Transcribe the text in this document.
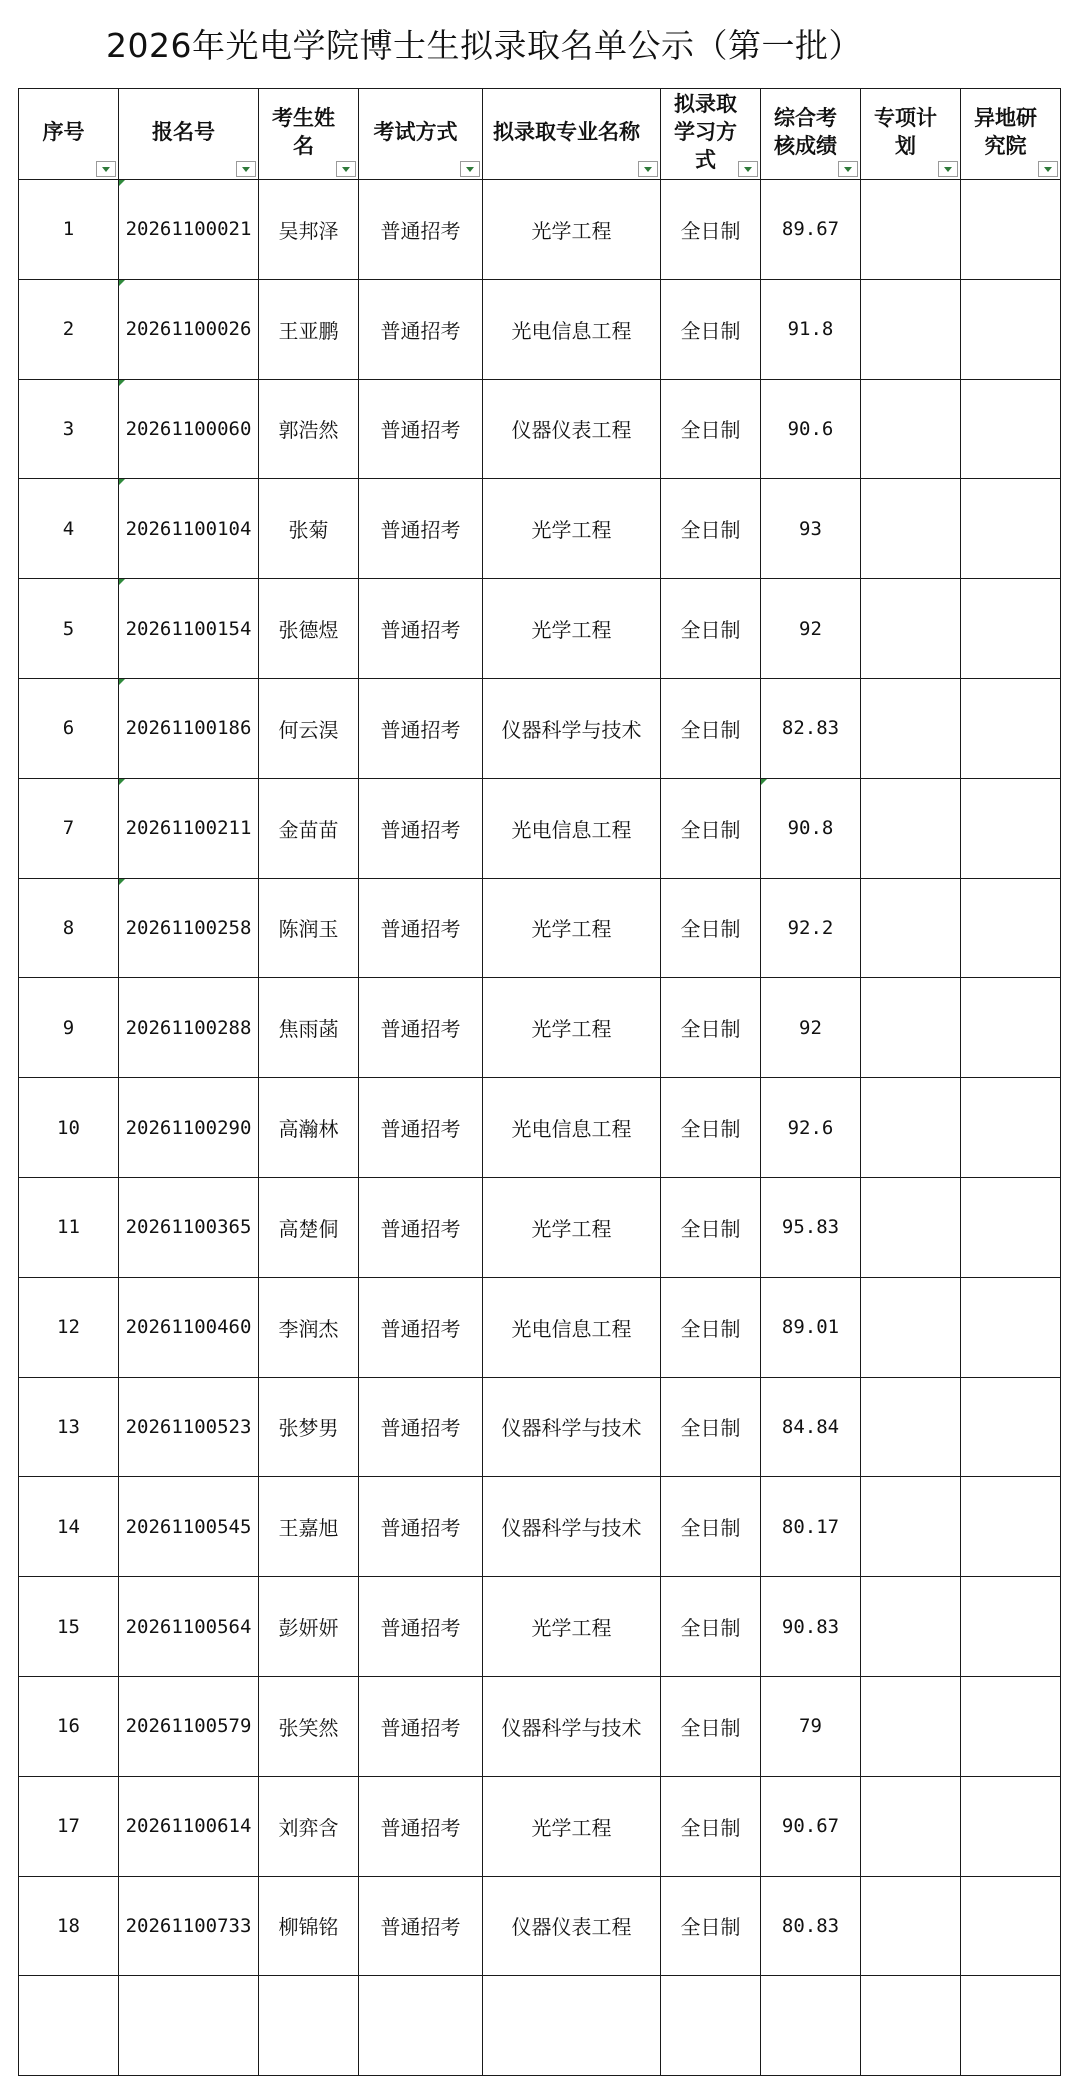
2026年光电学院博士生拟录取名单公示（第一批）
序号	报名号	考生姓名	考试方式	拟录取专业名称	拟录取学习方式	综合考核成绩	专项计划	异地研究院

1	20261100021	吴邦泽	普通招考	光学工程	全日制	89.67		
2	20261100026	王亚鹏	普通招考	光电信息工程	全日制	91.8		
3	20261100060	郭浩然	普通招考	仪器仪表工程	全日制	90.6		
4	20261100104	张菊	普通招考	光学工程	全日制	93		
5	20261100154	张德煜	普通招考	光学工程	全日制	92		
6	20261100186	何云淏	普通招考	仪器科学与技术	全日制	82.83		
7	20261100211	金苗苗	普通招考	光电信息工程	全日制	90.8		
8	20261100258	陈润玉	普通招考	光学工程	全日制	92.2		
9	20261100288	焦雨菡	普通招考	光学工程	全日制	92		
10	20261100290	高瀚林	普通招考	光电信息工程	全日制	92.6		
11	20261100365	高楚侗	普通招考	光学工程	全日制	95.83		
12	20261100460	李润杰	普通招考	光电信息工程	全日制	89.01		
13	20261100523	张梦男	普通招考	仪器科学与技术	全日制	84.84		
14	20261100545	王嘉旭	普通招考	仪器科学与技术	全日制	80.17		
15	20261100564	彭妍妍	普通招考	光学工程	全日制	90.83		
16	20261100579	张笑然	普通招考	仪器科学与技术	全日制	79		
17	20261100614	刘弈含	普通招考	光学工程	全日制	90.67		
18	20261100733	柳锦铭	普通招考	仪器仪表工程	全日制	80.83		
